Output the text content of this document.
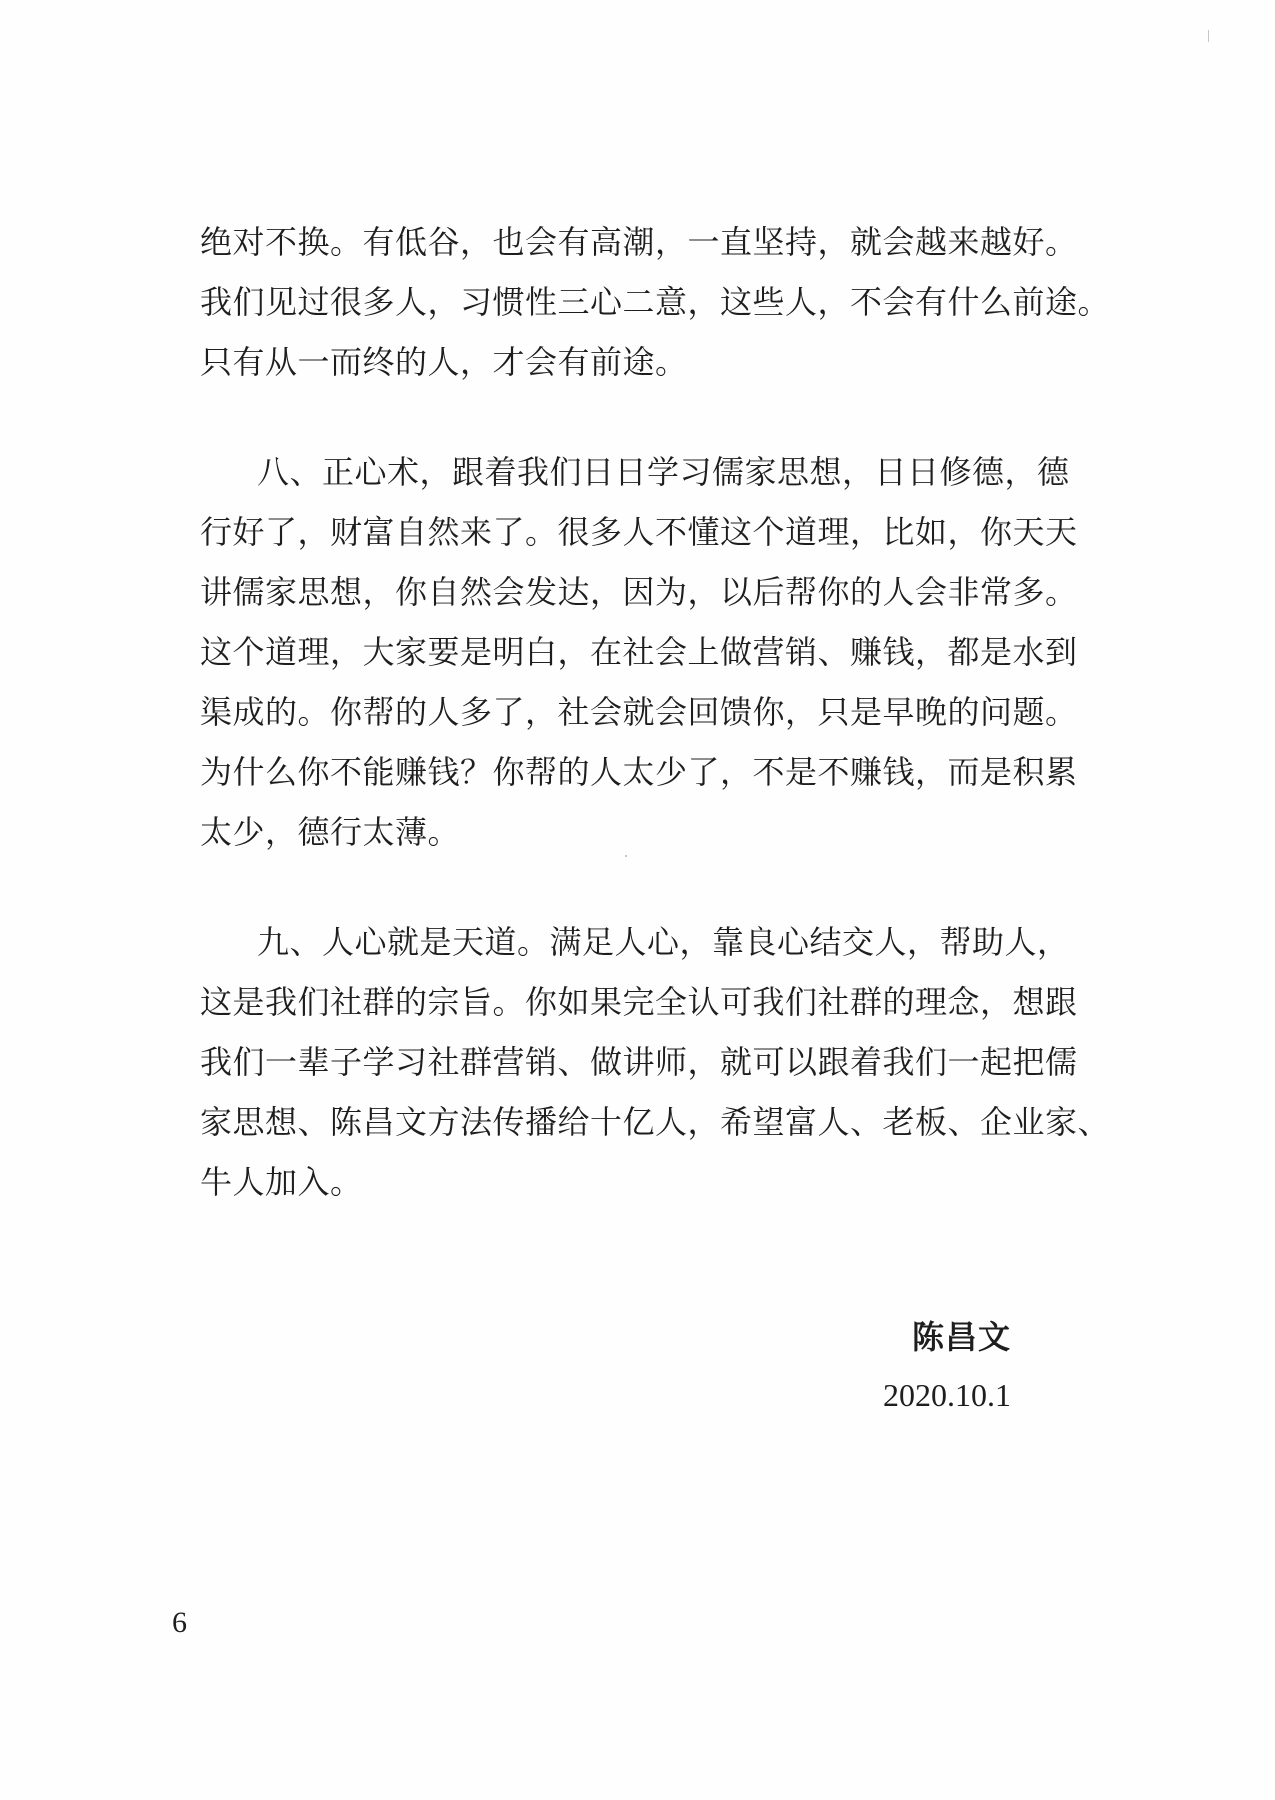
绝对不换。有低谷，也会有高潮，一直坚持，就会越来越好。

我们见过很多人，习惯性三心二意，这些人，不会有什么前途。

只有从一而终的人，才会有前途。

八、正心术，跟着我们日日学习儒家思想，日日修德，德

行好了，财富自然来了。很多人不懂这个道理，比如，你天天

讲儒家思想，你自然会发达，因为，以后帮你的人会非常多。

这个道理，大家要是明白，在社会上做营销、赚钱，都是水到

渠成的。你帮的人多了，社会就会回馈你，只是早晚的问题。

为什么你不能赚钱？你帮的人太少了，不是不赚钱，而是积累

太少，德行太薄。

九、人心就是天道。满足人心，靠良心结交人，帮助人，

这是我们社群的宗旨。你如果完全认可我们社群的理念，想跟

我们一辈子学习社群营销、做讲师，就可以跟着我们一起把儒

家思想、陈昌文方法传播给十亿人，希望富人、老板、企业家、

牛人加入。

陈昌文

2020.10.1

6
